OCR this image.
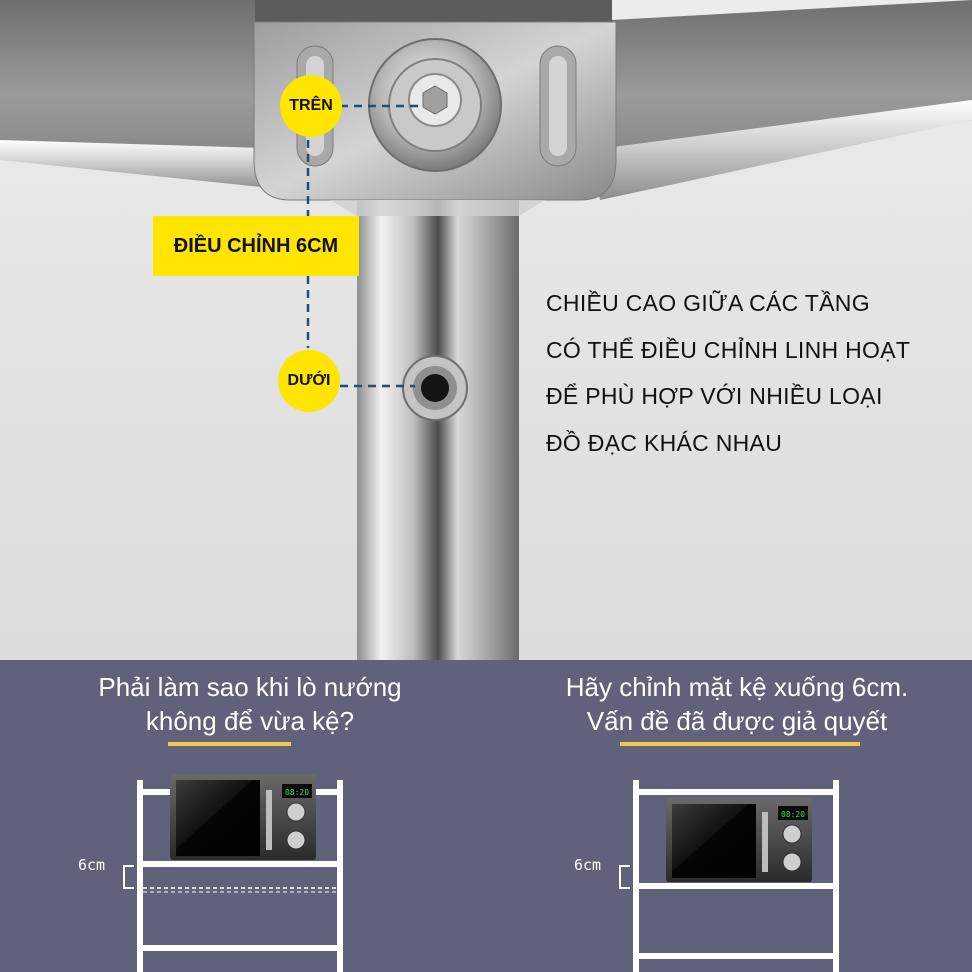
TRÊN
ĐIỀU CHỈNH 6CM
DƯỚI
CHIỀU CAO GIỮA CÁC TẦNG
CÓ THỂ ĐIỀU CHỈNH LINH HOẠT
ĐỂ PHÙ HỢP VỚI NHIỀU LOẠI
ĐỒ ĐẠC KHÁC NHAU
Phải làm sao khi lò nướng
không để vừa kệ?
Hãy chỉnh mặt kệ xuống 6cm.
Vấn đề đã được giả quyết
08:20
08:20
6cm	6cm
